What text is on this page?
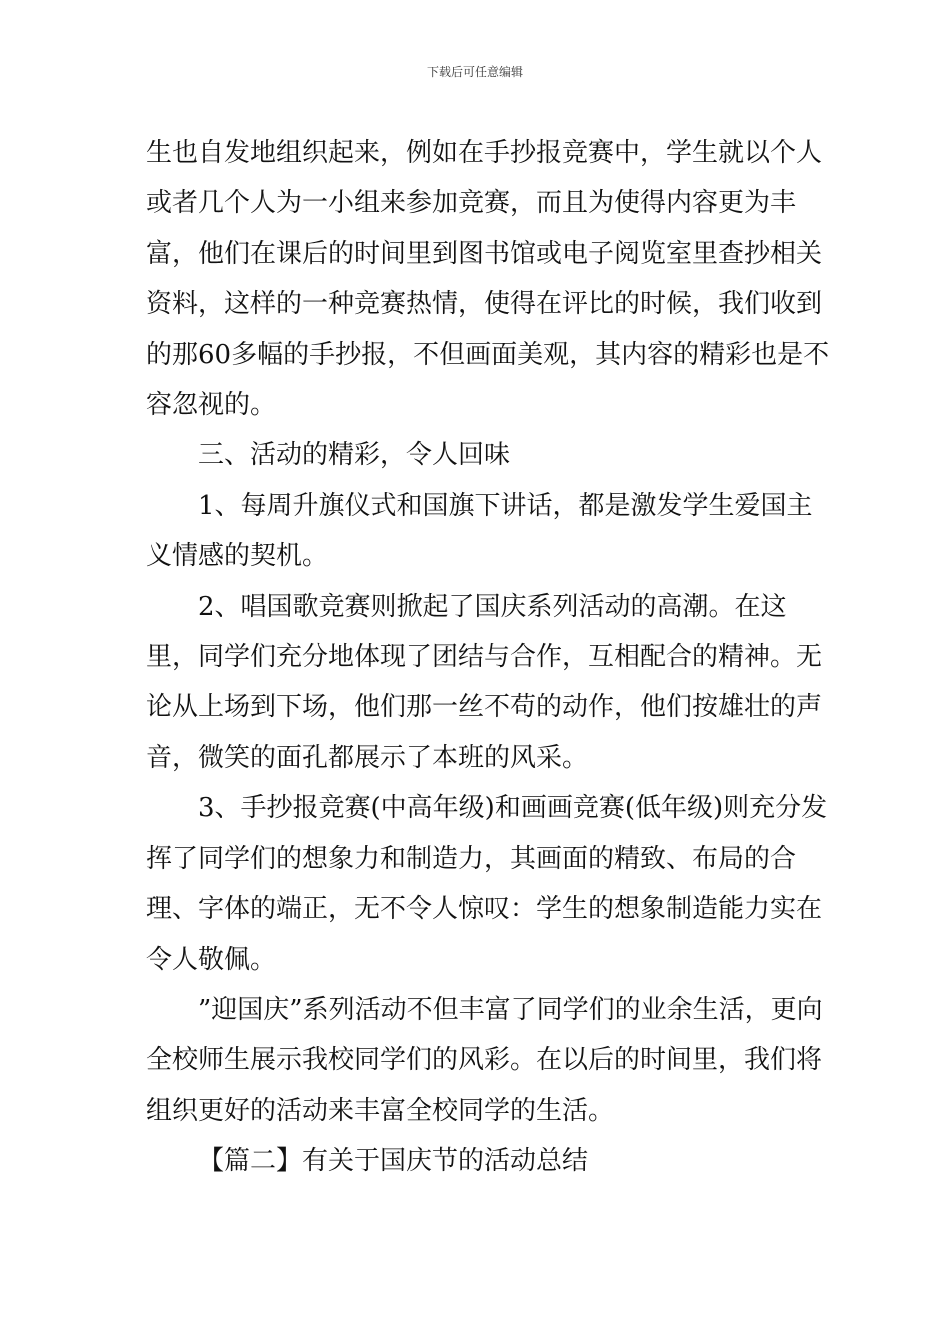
下载后可任意编辑

生也自发地组织起来，例如在手抄报竞赛中，学生就以个人或者几个人为一小组来参加竞赛，而且为使得内容更为丰富，他们在课后的时间里到图书馆或电子阅览室里查抄相关资料，这样的一种竞赛热情，使得在评比的时候，我们收到的那60多幅的手抄报，不但画面美观，其内容的精彩也是不容忽视的。

三、活动的精彩，令人回味

1、每周升旗仪式和国旗下讲话，都是激发学生爱国主义情感的契机。

2、唱国歌竞赛则掀起了国庆系列活动的高潮。在这里，同学们充分地体现了团结与合作，互相配合的精神。无论从上场到下场，他们那一丝不苟的动作，他们按雄壮的声音，微笑的面孔都展示了本班的风采。

3、手抄报竞赛(中高年级)和画画竞赛(低年级)则充分发挥了同学们的想象力和制造力，其画面的精致、布局的合理、字体的端正，无不令人惊叹：学生的想象制造能力实在令人敬佩。

”迎国庆”系列活动不但丰富了同学们的业余生活，更向全校师生展示我校同学们的风彩。在以后的时间里，我们将组织更好的活动来丰富全校同学的生活。

【篇二】有关于国庆节的活动总结
